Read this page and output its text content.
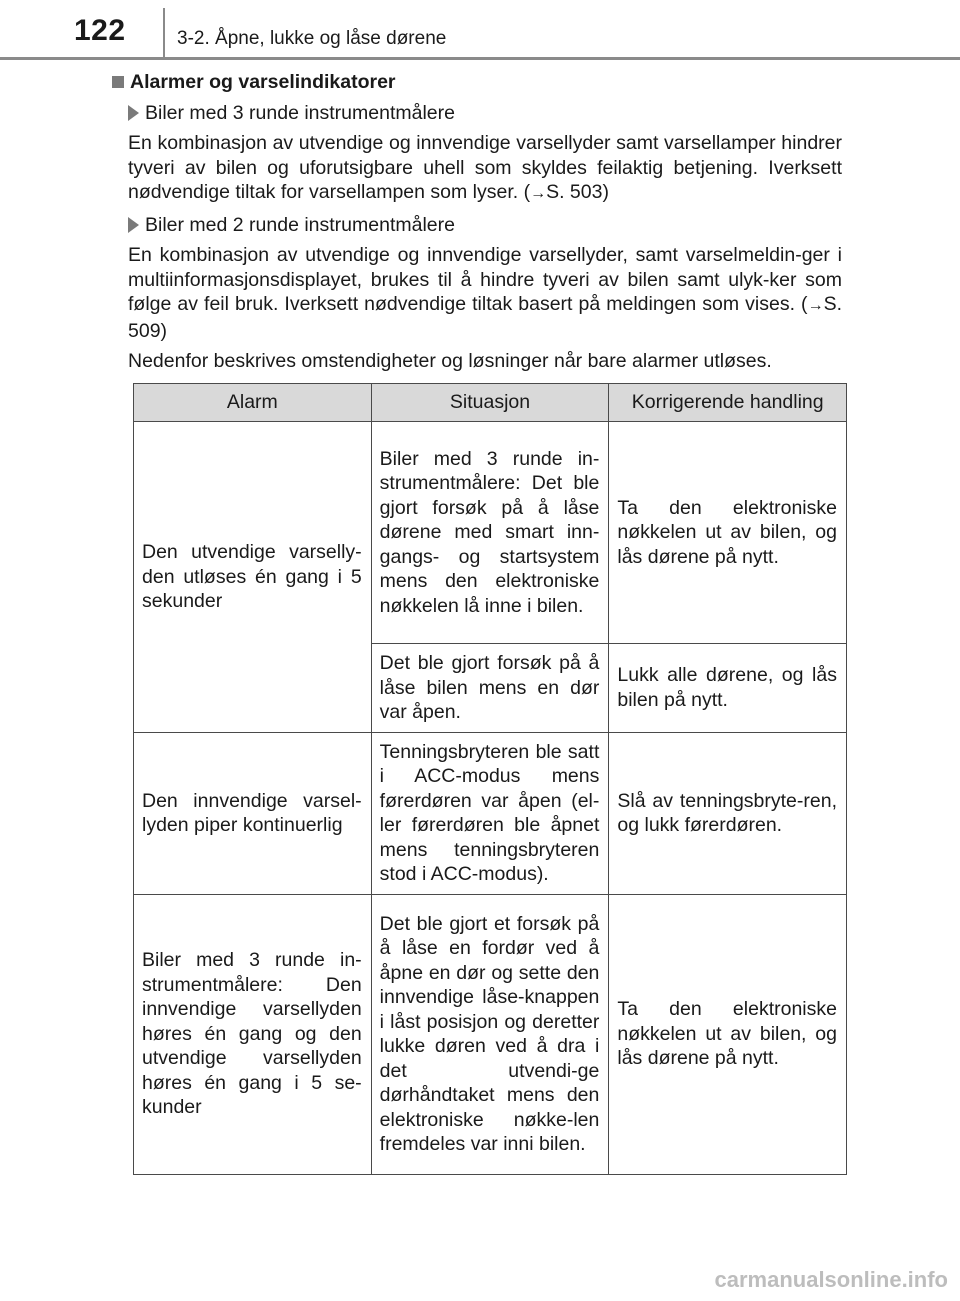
122	3-2. Åpne, lukke og låse dørene
Alarmer og varselindikatorer
Biler med 3 runde instrumentmålere

En kombinasjon av utvendige og innvendige varsellyder samt varsellamper hindrer tyveri av bilen og uforutsigbare uhell som skyldes feilaktig betjening. Iverksett nødvendige tiltak for varsellampen som lyser. (→S. 503)

Biler med 2 runde instrumentmålere

En kombinasjon av utvendige og innvendige varsellyder, samt varselmeldin-ger i multiinformasjonsdisplayet, brukes til å hindre tyveri av bilen samt ulyk-ker som følge av feil bruk. Iverksett nødvendige tiltak basert på meldingen som vises. (→S. 509)

Nedenfor beskrives omstendigheter og løsninger når bare alarmer utløses.

Alarm	Situasjon	Korrigerende handling
Den utvendige varselly-den utløses én gang i 5 sekunder	Biler med 3 runde in-strumentmålere: Det ble gjort forsøk på å låse dørene med smart inn-gangs- og startsystem mens den elektroniske nøkkelen lå inne i bilen.	Ta den elektroniske nøkkelen ut av bilen, og lås dørene på nytt.
	Det ble gjort forsøk på å låse bilen mens en dør var åpen.	Lukk alle dørene, og lås bilen på nytt.
Den innvendige varsel-lyden piper kontinuerlig	Tenningsbryteren ble satt i ACC-modus mens førerdøren var åpen (el-ler førerdøren ble åpnet mens tenningsbryteren stod i ACC-modus).	Slå av tenningsbryte-ren, og lukk førerdøren.
Biler med 3 runde in-strumentmålere: Den innvendige varsellyden høres én gang og den utvendige varsellyden høres én gang i 5 se-kunder	Det ble gjort et forsøk på å låse en fordør ved å åpne en dør og sette den innvendige låse-knappen i låst posisjon og deretter lukke døren ved å dra i det utvendi-ge dørhåndtaket mens den elektroniske nøkke-len fremdeles var inni bilen.	Ta den elektroniske nøkkelen ut av bilen, og lås dørene på nytt.
carmanualsonline.info
